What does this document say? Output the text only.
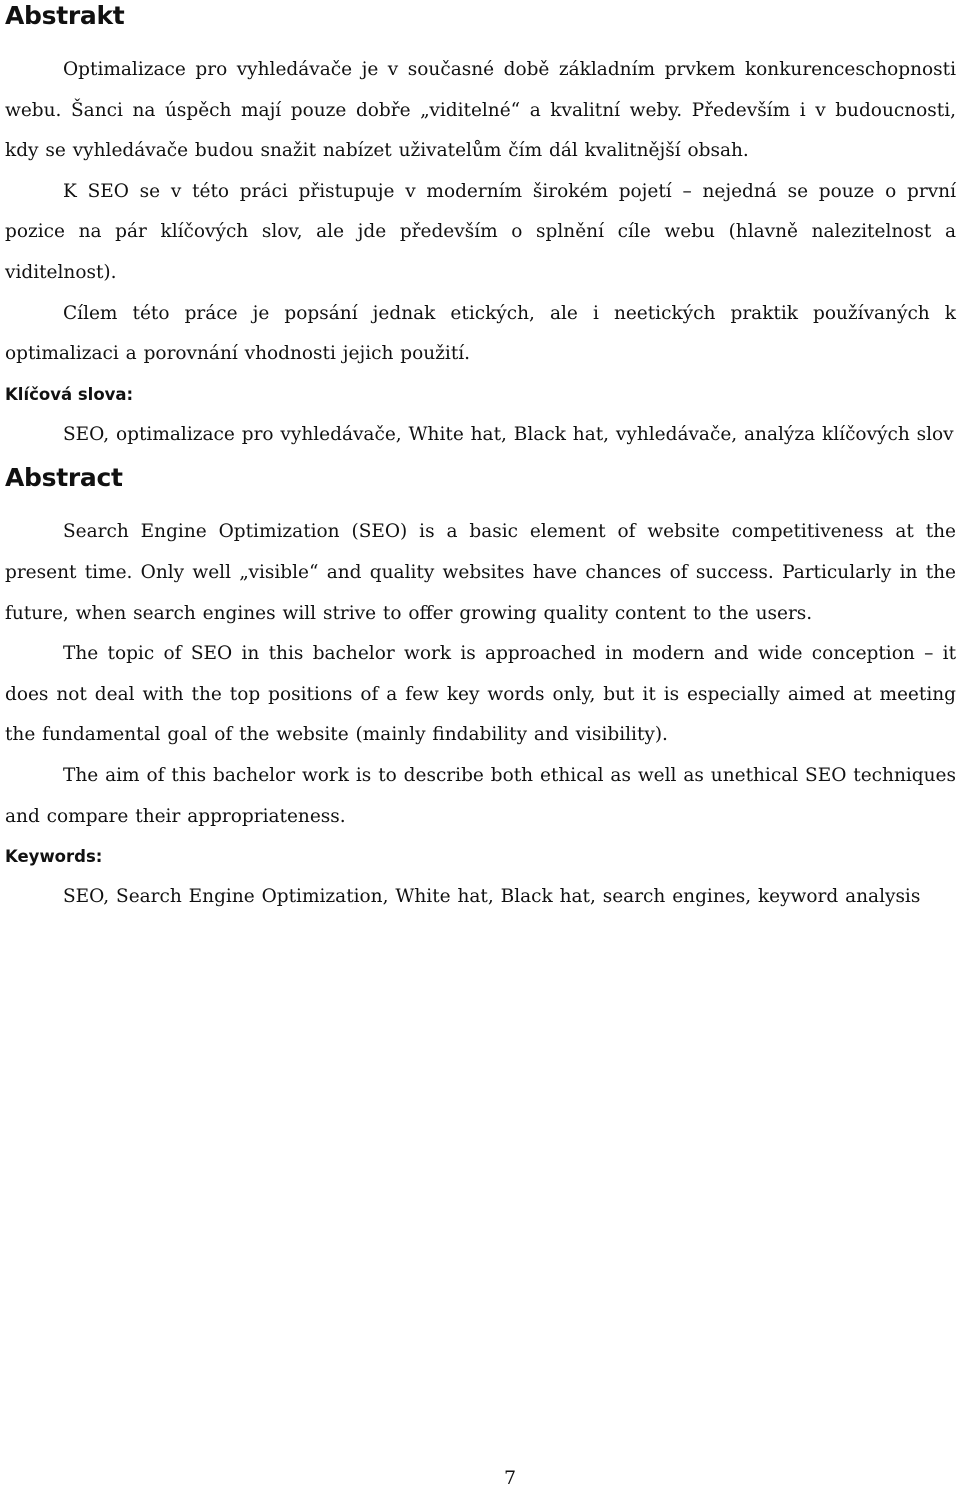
Abstrakt

Optimalizace pro vyhledávače je v současné době základním prvkem konkurenceschopnosti webu. Šanci na úspěch mají pouze dobře „viditelné“ a kvalitní weby. Především i v budoucnosti, kdy se vyhledávače budou snažit nabízet uživatelům čím dál kvalitnější obsah.

K SEO se v této práci přistupuje v moderním širokém pojetí – nejedná se pouze o první pozice na pár klíčových slov, ale jde především o splnění cíle webu (hlavně nalezitelnost a viditelnost).

Cílem této práce je popsání jednak etických, ale i neetických praktik používaných k optimalizaci a porovnání vhodnosti jejich použití.

Klíčová slova:

SEO, optimalizace pro vyhledávače, White hat, Black hat, vyhledávače, analýza klíčových slov

Abstract

Search Engine Optimization (SEO) is a basic element of website competitiveness at the present time. Only well „visible“ and quality websites have chances of success. Particularly in the future, when search engines will strive to offer growing quality content to the users.

The topic of SEO in this bachelor work is approached in modern and wide conception – it does not deal with the top positions of a few key words only, but it is especially aimed at meeting the fundamental goal of the website (mainly findability and visibility).

The aim of this bachelor work is to describe both ethical as well as unethical SEO techniques and compare their appropriateness.

Keywords:

SEO, Search Engine Optimization, White hat, Black hat, search engines, keyword analysis

7
